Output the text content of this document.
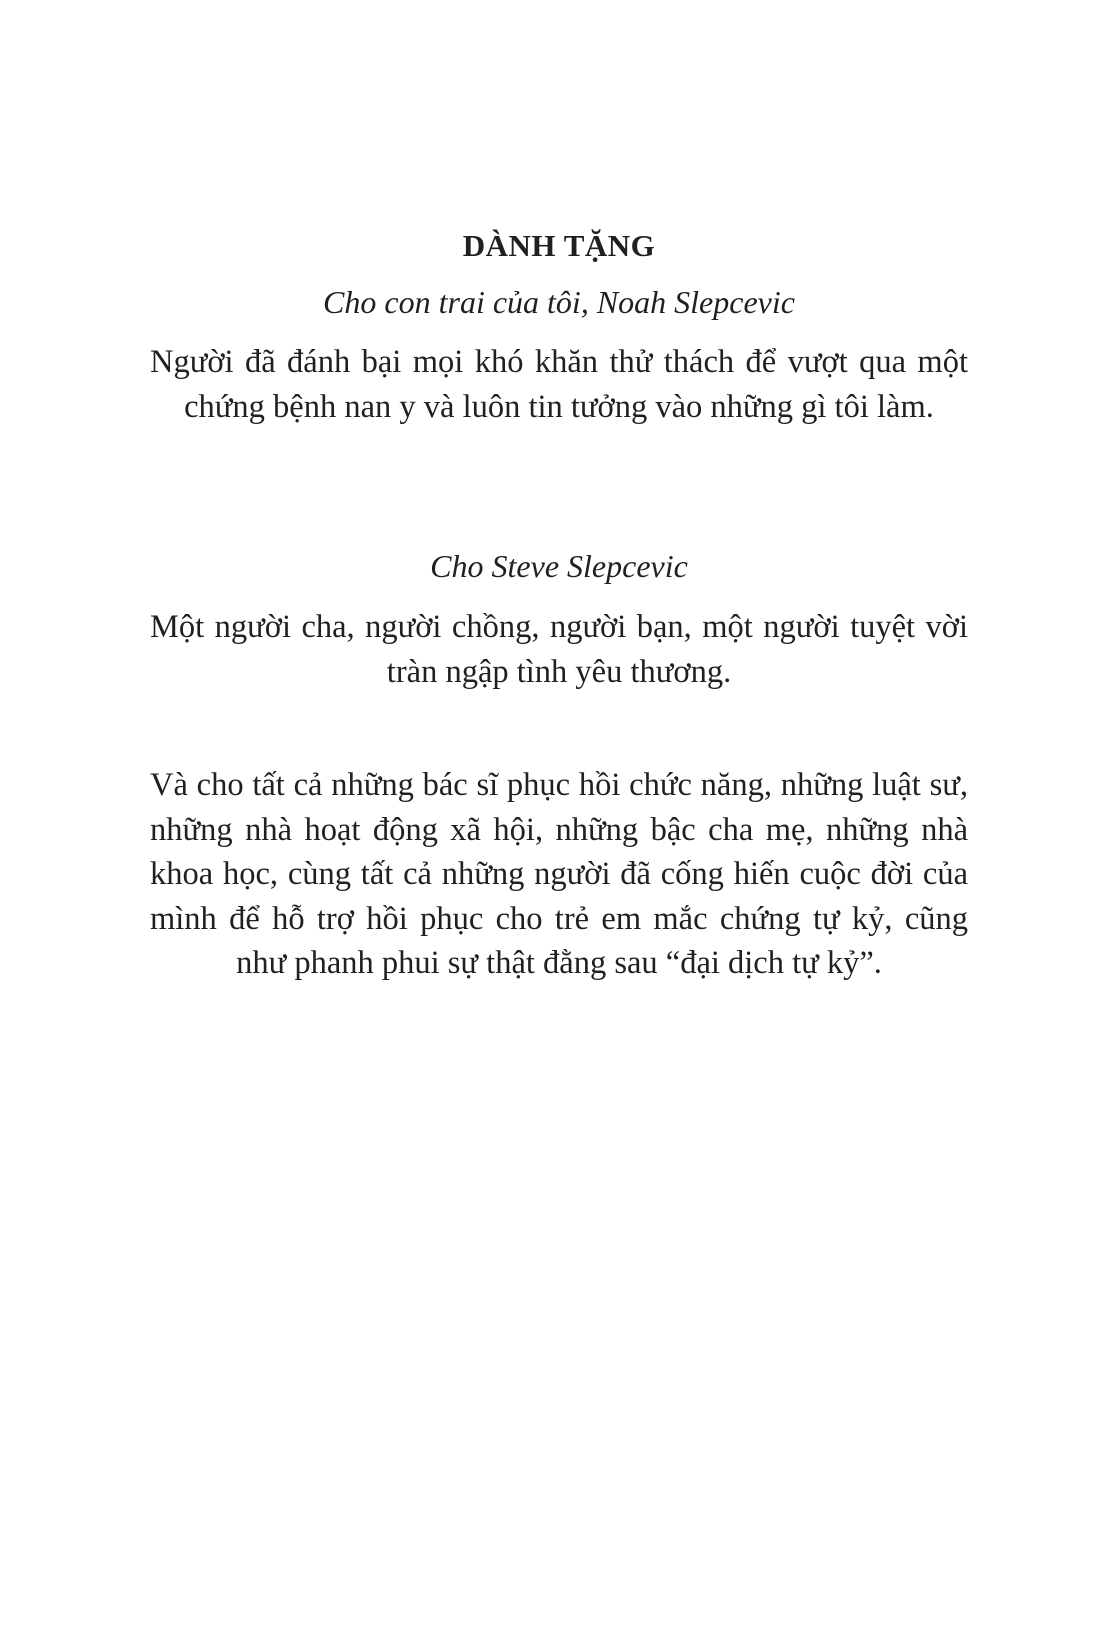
DÀNH TẶNG
Cho con trai của tôi, Noah Slepcevic
Người đã đánh bại mọi khó khăn thử thách để vượt qua một chứng bệnh nan y và luôn tin tưởng vào những gì tôi làm.
Cho Steve Slepcevic
Một người cha, người chồng, người bạn, một người tuyệt vời tràn ngập tình yêu thương.
Và cho tất cả những bác sĩ phục hồi chức năng, những luật sư, những nhà hoạt động xã hội, những bậc cha mẹ, những nhà khoa học, cùng tất cả những người đã cống hiến cuộc đời của mình để hỗ trợ hồi phục cho trẻ em mắc chứng tự kỷ, cũng như phanh phui sự thật đằng sau “đại dịch tự kỷ”.
